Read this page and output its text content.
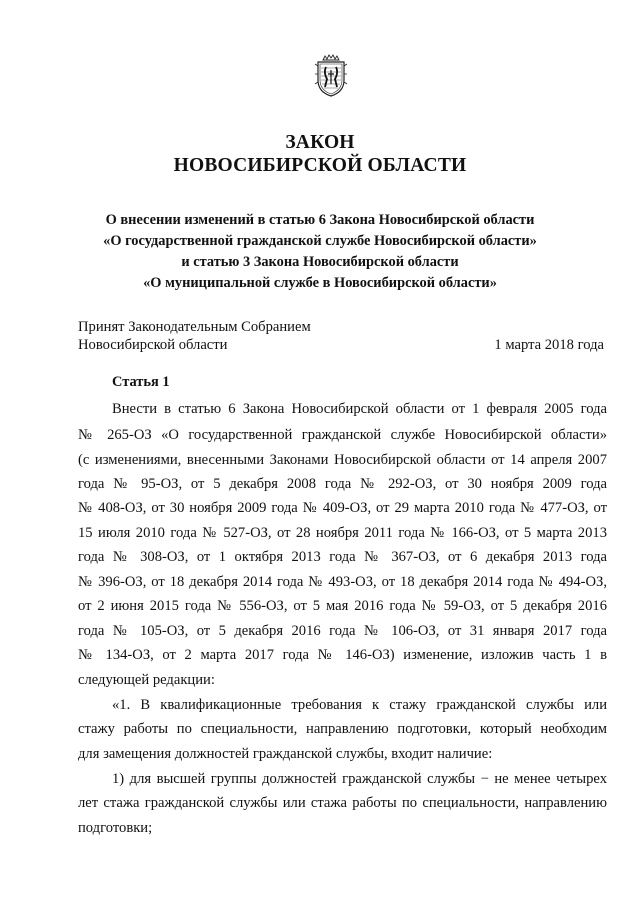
ЗАКОН
НОВОСИБИРСКОЙ ОБЛАСТИ
О внесении изменений в статью 6 Закона Новосибирской области
«О государственной гражданской службе Новосибирской области»
и статью 3 Закона Новосибирской области
«О муниципальной службе в Новосибирской области»
Принят Законодательным Собранием
Новосибирской области	1 марта 2018 года
Статья 1
Внести в статью 6 Закона Новосибирской области от 1 февраля 2005 года
№ 265-ОЗ «О государственной гражданской службе Новосибирской области»
(с изменениями, внесенными Законами Новосибирской области от 14 апреля 2007
года № 95-ОЗ, от 5 декабря 2008 года № 292-ОЗ, от 30 ноября 2009 года
№ 408-ОЗ, от 30 ноября 2009 года № 409-ОЗ, от 29 марта 2010 года № 477-ОЗ, от
15 июля 2010 года № 527-ОЗ, от 28 ноября 2011 года № 166-ОЗ, от 5 марта 2013
года № 308-ОЗ, от 1 октября 2013 года № 367-ОЗ, от 6 декабря 2013 года
№ 396-ОЗ, от 18 декабря 2014 года № 493-ОЗ, от 18 декабря 2014 года № 494-ОЗ,
от 2 июня 2015 года № 556-ОЗ, от 5 мая 2016 года № 59-ОЗ, от 5 декабря 2016
года № 105-ОЗ, от 5 декабря 2016 года № 106-ОЗ, от 31 января 2017 года
№ 134-ОЗ, от 2 марта 2017 года № 146-ОЗ) изменение, изложив часть 1 в
следующей редакции:
«1. В квалификационные требования к стажу гражданской службы или
стажу работы по специальности, направлению подготовки, который необходим
для замещения должностей гражданской службы, входит наличие:
1) для высшей группы должностей гражданской службы − не менее четырех
лет стажа гражданской службы или стажа работы по специальности, направлению
подготовки;
